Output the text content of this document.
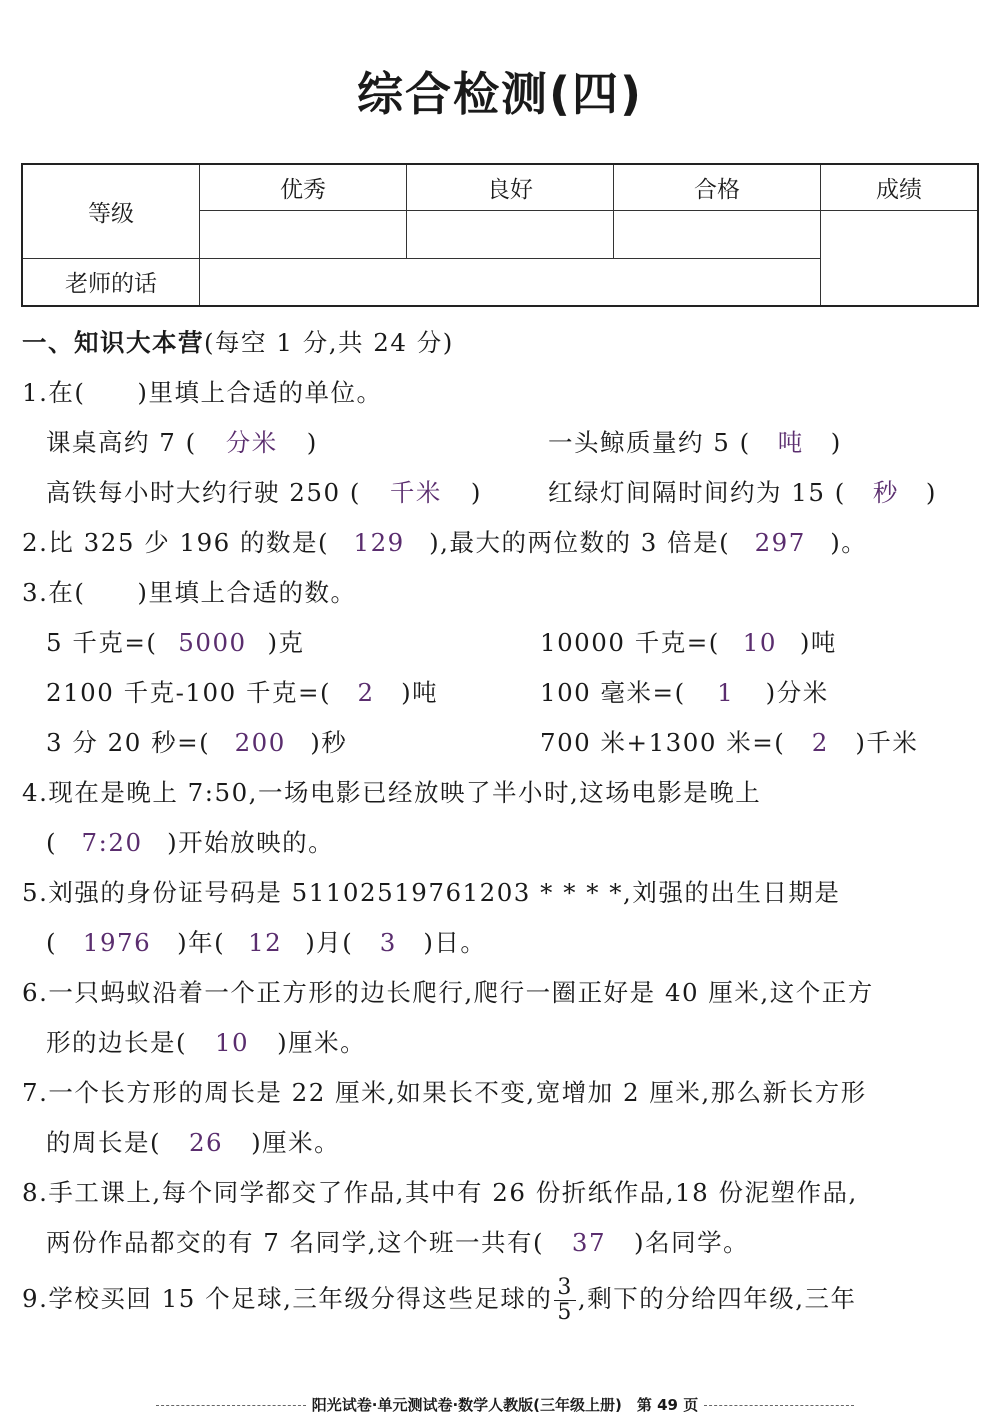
综合检测(四)
等级	优秀	良好	合格	成绩

老师的话				
一、知识大本营(每空 1 分,共 24 分)
1.在(　　)里填上合适的单位。
课桌高约 7 ( 分米 )	一头鲸质量约 5 ( 吨 )
高铁每小时大约行驶 250 ( 千米 )	红绿灯间隔时间约为 15 ( 秒 )
2.比 325 少 196 的数是( 129 ),最大的两位数的 3 倍是( 297 )。
3.在(　　)里填上合适的数。
5 千克=( 5000 )克	10000 千克=( 10 )吨
2100 千克-100 千克=( 2 )吨	100 毫米=( 1 )分米
3 分 20 秒=( 200 )秒	700 米+1300 米=( 2 )千米
4.现在是晚上 7:50,一场电影已经放映了半小时,这场电影是晚上
( 7:20 )开始放映的。
5.刘强的身份证号码是 51102519761203 * * * *,刘强的出生日期是
( 1976 )年( 12 )月( 3 )日。
6.一只蚂蚁沿着一个正方形的边长爬行,爬行一圈正好是 40 厘米,这个正方
形的边长是( 10 )厘米。
7.一个长方形的周长是 22 厘米,如果长不变,宽增加 2 厘米,那么新长方形
的周长是( 26 )厘米。
8.手工课上,每个同学都交了作品,其中有 26 份折纸作品,18 份泥塑作品,
两份作品都交的有 7 名同学,这个班一共有( 37 )名同学。
9.学校买回 15 个足球,三年级分得这些足球的 $\frac{3}{5}$ ,剩下的分给四年级,三年
阳光试卷·单元测试卷·数学人教版(三年级上册)　第 49 页
